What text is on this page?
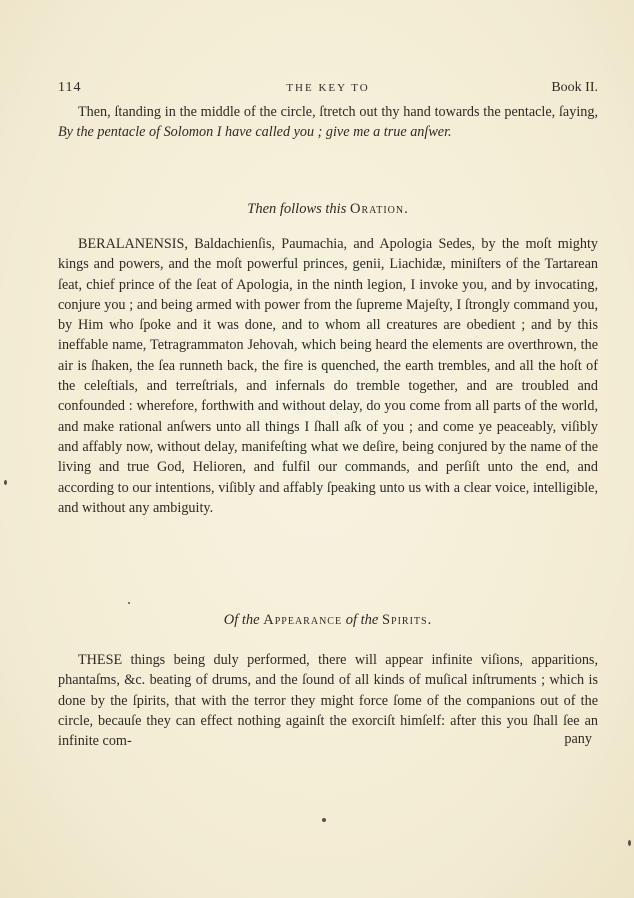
114	THE KEY TO	Book II.
Then, ſtanding in the middle of the circle, ſtretch out thy hand towards the pentacle, ſaying, By the pentacle of Solomon I have called you ; give me a true anſwer.
Then follows this Oration.
BERALANENSIS, Baldachienſis, Paumachia, and Apologia Sedes, by the moſt mighty kings and powers, and the moſt powerful princes, genii, Liachidæ, miniſters of the Tartarean ſeat, chief prince of the ſeat of Apologia, in the ninth legion, I invoke you, and by invocating, conjure you ; and being armed with power from the ſupreme Majeſty, I ſtrongly command you, by Him who ſpoke and it was done, and to whom all creatures are obedient ; and by this ineffable name, Tetragrammaton Jehovah, which being heard the elements are overthrown, the air is ſhaken, the ſea runneth back, the fire is quenched, the earth trembles, and all the hoſt of the celeſtials, and terreſtrials, and infernals do tremble together, and are troubled and confounded : wherefore, forthwith and without delay, do you come from all parts of the world, and make rational anſwers unto all things I ſhall aſk of you ; and come ye peaceably, viſibly and affably now, without delay, manifeſting what we deſire, being conjured by the name of the living and true God, Helioren, and fulfil our commands, and perſiſt unto the end, and according to our intentions, viſibly and affably ſpeaking unto us with a clear voice, intelligible, and without any ambiguity.
Of the Appearance of the Spirits.
THESE things being duly performed, there will appear infinite viſions, apparitions, phantaſms, &c. beating of drums, and the ſound of all kinds of muſical inſtruments ; which is done by the ſpirits, that with the terror they might force ſome of the companions out of the circle, becauſe they can effect nothing againſt the exorciſt himſelf: after this you ſhall ſee an infinite com-	pany
